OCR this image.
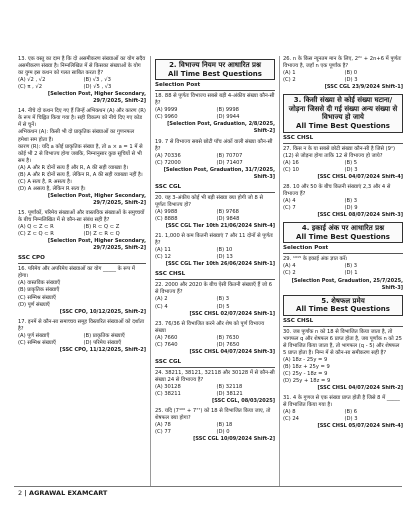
13. एक वस्तु का दाम है कि दो असमीकरण संख्याओं का योग सदैव असमीकरण संख्या है। निम्नलिखित में से किसका संख्याओं के योग का युग्म इस कथन को गलत साबित करता है?
(A) √2 , √2	(B) √3 , √3
(C) π , √2	(D) √5 , √3
[Selection Post, Higher Secondary, 29/7/2025, Shift-2]
14. नीचे दो कथन दिए गए हैं जिन्हें अभिकथन (A) और कारण (R) के रूप में चिह्नित किया गया है। सही विकल्प को नीचे दिए गए कोड में से चुनें।
अभिकथन (A): किसी भी दो प्राकृतिक संख्याओं का गुणनफल हमेशा सम होता है।
कारण (R): यदि a कोई प्राकृतिक संख्या है, तो a × a = 1 में से कोई भी 2 से विभाज्य होगा जबकि, निम्नानुसार कुछ सूचियों से भी सम है।
(A) A और R दोनों सत्य हैं और R, A की सही व्याख्या है।
(B) A और R दोनों सत्य हैं, लेकिन R, A की सही व्याख्या नहीं है।
(C) A सत्य है, R असत्य है।
(D) A असत्य है, लेकिन R सत्य है।
[Selection Post, Higher Secondary, 29/7/2025, Shift-2]
15. पूर्णांकों, परिमेय संख्याओं और वास्तविक संख्याओं के समुच्चयों के बीच निम्नलिखित में से कौन-सा संबंध सही है?
(A) Q ⊂ Z ⊂ R	(B) R ⊂ Q ⊂ Z
(C) Z ⊂ Q ⊂ R	(D) Z ⊂ R ⊂ Q
[Selection Post, Higher Secondary, 29/7/2025, Shift-2]
SSC CPO
16. परिमेय और अपरिमेय संख्याओं का योग _____ के रूप में होगा।
(A) वास्तविक संख्याएँ
(B) प्राकृतिक संख्याएँ
(C) सम्मिश्र संख्याएँ
(D) पूर्ण संख्याएँ
[SSC CPO, 10/12/2025, Shift-2]
17. इनमें से कौन-सा समाच्चय समूह विस्तारित संख्याओं को दर्शाता है?
(A) पूर्ण संख्याएँ	(B) प्राकृतिक संख्याएँ
(C) सम्मिश्र संख्याएँ	(D) परिमेय संख्याएँ
[SSC CPO, 11/12/2025, Shift-2]
2. विभाज्य नियम पर आधारित प्रश्न
All Time Best Questions
Selection Post
18. 88 से पूर्णतः विभाज्य सबसे बड़ी 4-अंकीय संख्या कौन-सी है?
(A) 9999	(B) 9998
(C) 9960	(D) 9944
[Selection Post, Graduation, 2/8/2025, Shift-2]
19. 7 से विभाज्य सबसे छोटी पाँच अंकों वाली संख्या कौन-सी है?
(A) 70336	(B) 70707
(C) 72000	(D) 71407
[Selection Post, Graduation, 31/7/2025, Shift-3]
SSC CGL
20. यह 3-अंकीय कोई भी बड़ी संख्या क्या होगी जो 8 से पूर्णतः विभाज्य हो?
(A) 9988	(B) 9768
(C) 8888	(D) 9848
[SSC CGL Tier 10th 21/06/2024 Shift-4]
21. 1,000 से कम कितनी संख्याएं 7 और 11 दोनों से पूर्णतः है?
(A) 11	(B) 10
(C) 12	(D) 13
[SSC CGL Tier 10th 26/06/2024 Shift-1]
SSC CHSL
22. 2000 और 2020 के बीच ऐसी कितनी संख्याएँ हैं जो 6 से विभाज्य हैं?
(A) 2	(B) 3
(C) 4	(D) 5
[SSC CHSL 02/07/2024 Shift-1]
23. 76/36 से विभाजित करने और शेष को पूर्ण विभाज्य संख्या
(A) 7660	(B) 7630
(C) 7640	(D) 7650
[SSC CHSL 04/07/2024 Shift-3]
SSC CGL
24. 38211, 38121, 32118 और 30128 में से कौन-सी संख्या 24 से विभाज्य है?
(A) 30128	(B) 32118
(C) 38211	(D) 38121
[SSC CGL, 08/03/2025]
25. यदि (7¹⁰⁰ + 7⁷⁷) को 18 से विभाजित किया जाए, तो शेषफल क्या होगा?
(A) 78	(B) 18
(C) 77	(D) 0
[SSC CGL 10/09/2024 Shift-2]
26. n के किस न्यूनतम मान के लिए, 2²ⁿ + 2n+6 में पूर्णतः विभाज्य है, जहाँ n एक पूर्णांक है?
(A) 1	(B) 0
(C) 2	(D) 3
[SSC CGL 23/9/2024 Shift-1]
3. किसी संख्या से कोई संख्या घटाना/ जोड़ना जिससे दी गई संख्या अन्य संख्या से विभाज्य हो जाये
All Time Best Questions
SSC CHSL
27. किस न के या सबसे छोटी संख्या कौन-सी है जिसे (9ⁿ)(12) से जोड़ना होगा ताकि 12 से विभाज्य हो जाये?
(A) 16	(B) 5
(C) 10	(D) 3
[SSC CHSL 04/07/2024 Shift-4]
28. 10 और 50 के बीच कितनी संख्याएं 2,3 और 4 से विभाज्य हैं?
(A) 4	(B) 3
(C) 7	(D) 9
[SSC CHSL 08/07/2024 Shift-3]
4. इकाई अंक पर आधारित प्रश्न
All Time Best Questions
Selection Post
29. ¹⁰¹⁵ के इकाई अंक ज्ञात करें।
(A) 4	(B) 3
(C) 2	(D) 1
[Selection Post, Graduation, 25/7/2025, Shift-3]
5. शेषफल प्रमेय
All Time Best Questions
SSC CHSL
30. जब पूर्णांक n को 18 से विभाजित किया जाता है, तो भागफल q और शेषफल 6 प्राप्त होता है, जब पूर्णांक n को 25 से विभाजित किया जाता है, तो भागफल (q - 5) और शेषफल 5 प्राप्त होता है। निम्न में से कौन-सा समीकरण सही है?
(A) 18z - 25y = 9
(B) 18z + 25y = 9
(C) 25y - 18z = 9
(D) 25y + 18z = 9
[SSC CHSL 04/07/2024 Shift-2]
31. 4 के गुणज से एक संख्या प्राप्त होती है जिसे 8 में _____ से विभाजित किया गया है।
(A) 8	(B) 6
(C) 24	(D) 3
[SSC CHSL 05/07/2024 Shift-4]
2 | AGRAWAL EXAMCART
